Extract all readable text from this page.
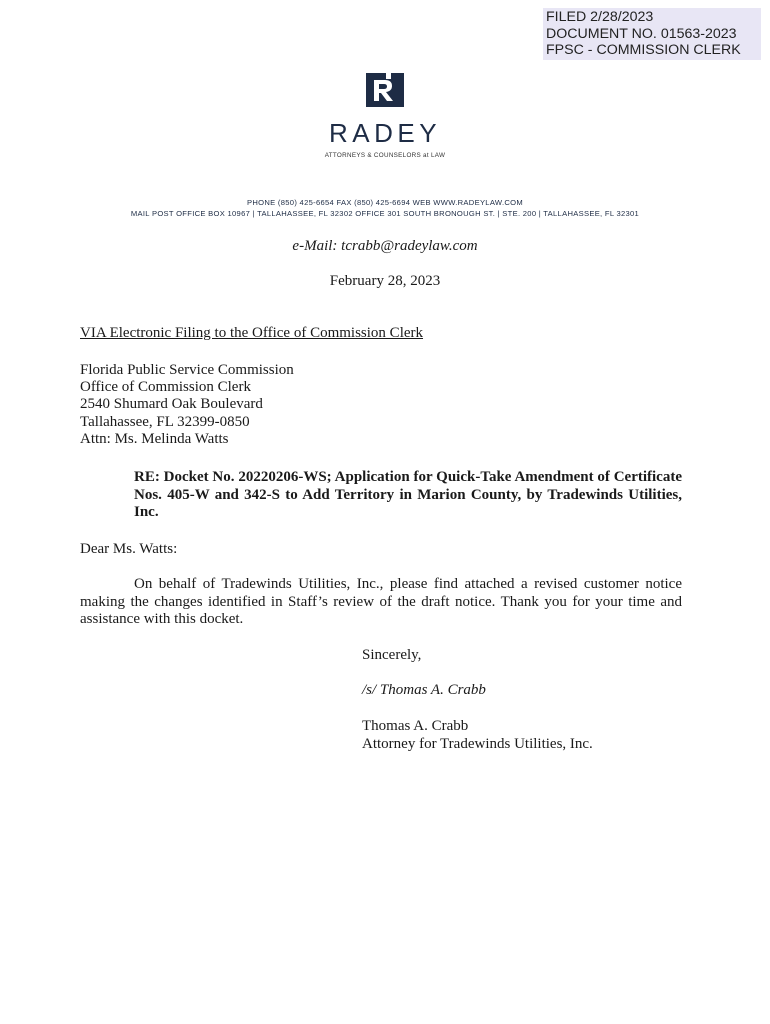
FILED 2/28/2023
DOCUMENT NO. 01563-2023
FPSC - COMMISSION CLERK
RADEY
ATTORNEYS & COUNSELORS at LAW
PHONE (850) 425-6654 FAX (850) 425-6694 WEB WWW.RADEYLAW.COM
MAIL POST OFFICE BOX 10967 | TALLAHASSEE, FL 32302 OFFICE 301 SOUTH BRONOUGH ST. | STE. 200 | TALLAHASSEE, FL 32301
e-Mail: tcrabb@radeylaw.com
February 28, 2023
VIA Electronic Filing to the Office of Commission Clerk
Florida Public Service Commission
Office of Commission Clerk
2540 Shumard Oak Boulevard
Tallahassee, FL 32399-0850
Attn: Ms. Melinda Watts
RE: Docket No. 20220206-WS; Application for Quick-Take Amendment of Certificate Nos. 405-W and 342-S to Add Territory in Marion County, by Tradewinds Utilities, Inc.
Dear Ms. Watts:
On behalf of Tradewinds Utilities, Inc., please find attached a revised customer notice making the changes identified in Staff’s review of the draft notice. Thank you for your time and assistance with this docket.
Sincerely,
/s/ Thomas A. Crabb
Thomas A. Crabb
Attorney for Tradewinds Utilities, Inc.
